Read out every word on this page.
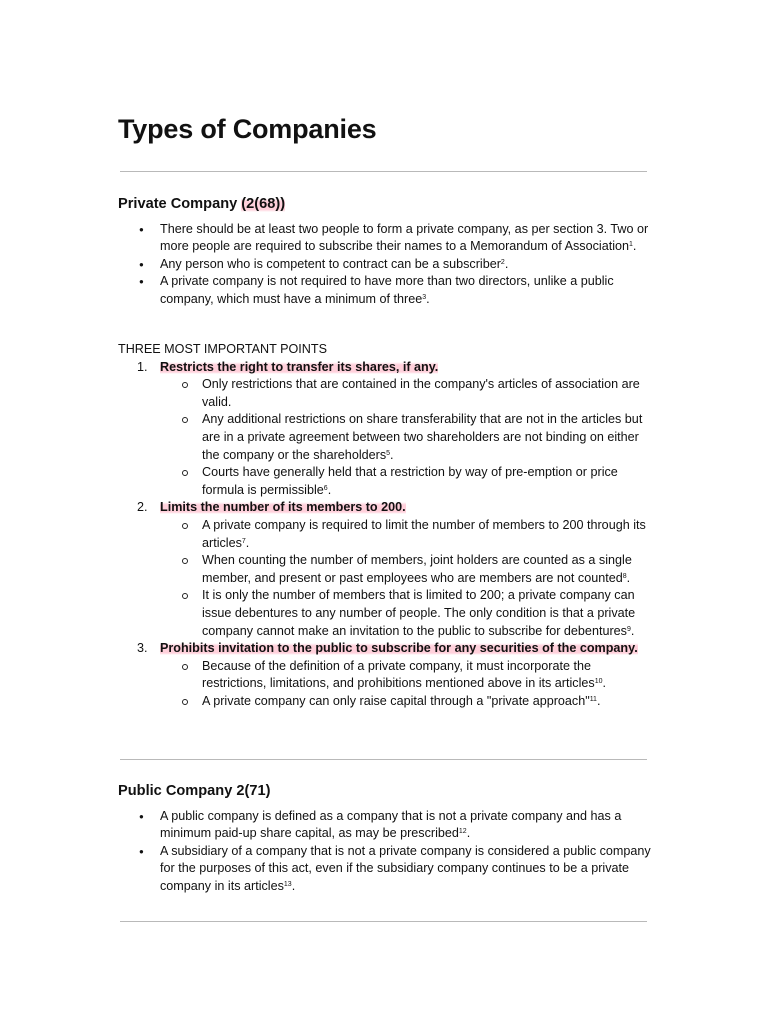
Types of Companies
Private Company (2(68))
● There should be at least two people to form a private company, as per section 3. Two or more people are required to subscribe their names to a Memorandum of Association$^1$.
● Any person who is competent to contract can be a subscriber$^2$.
● A private company is not required to have more than two directors, unlike a public company, which must have a minimum of three$^3$.

THREE MOST IMPORTANT POINTS

1. Restricts the right to transfer its shares, if any.
Only restrictions that are contained in the company's articles of association are valid.
Any additional restrictions on share transferability that are not in the articles but are in a private agreement between two shareholders are not binding on either the company or the shareholders$^5$.
Courts have generally held that a restriction by way of pre-emption or price formula is permissible$^6$.
2. Limits the number of its members to 200.
A private company is required to limit the number of members to 200 through its articles$^7$.
When counting the number of members, joint holders are counted as a single member, and present or past employees who are members are not counted$^8$.
It is only the number of members that is limited to 200; a private company can issue debentures to any number of people. The only condition is that a private company cannot make an invitation to the public to subscribe for debentures$^9$.
3. Prohibits invitation to the public to subscribe for any securities of the company.
Because of the definition of a private company, it must incorporate the restrictions, limitations, and prohibitions mentioned above in its articles$^{10}$.
A private company can only raise capital through a "private approach"$^{11}$.
Public Company 2(71)
● A public company is defined as a company that is not a private company and has a minimum paid-up share capital, as may be prescribed$^{12}$.
● A subsidiary of a company that is not a private company is considered a public company for the purposes of this act, even if the subsidiary company continues to be a private company in its articles$^{13}$.
